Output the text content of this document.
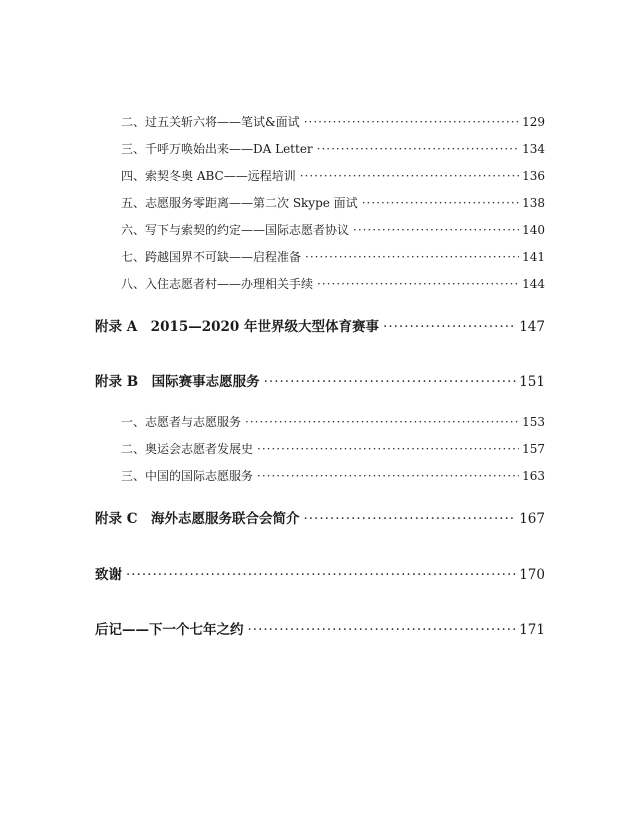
二、过五关斩六将——笔试&面试 ·····	129
三、千呼万唤始出来——DA Letter ·····	134
四、索契冬奥 ABC——远程培训 ·····	136
五、志愿服务零距离——第二次 Skype 面试 ·····	138
六、写下与索契的约定——国际志愿者协议 ·····	140
七、跨越国界不可缺——启程准备 ·····	141
八、入住志愿者村——办理相关手续 ·····	144
附录 A　2015—2020 年世界级大型体育赛事 ·····	147
附录 B　国际赛事志愿服务 ·····	151
一、志愿者与志愿服务 ·····	153
二、奥运会志愿者发展史 ·····	157
三、中国的国际志愿服务 ·····	163
附录 C　海外志愿服务联合会简介 ·····	167
致谢 ·····	170
后记——下一个七年之约 ·····	171
